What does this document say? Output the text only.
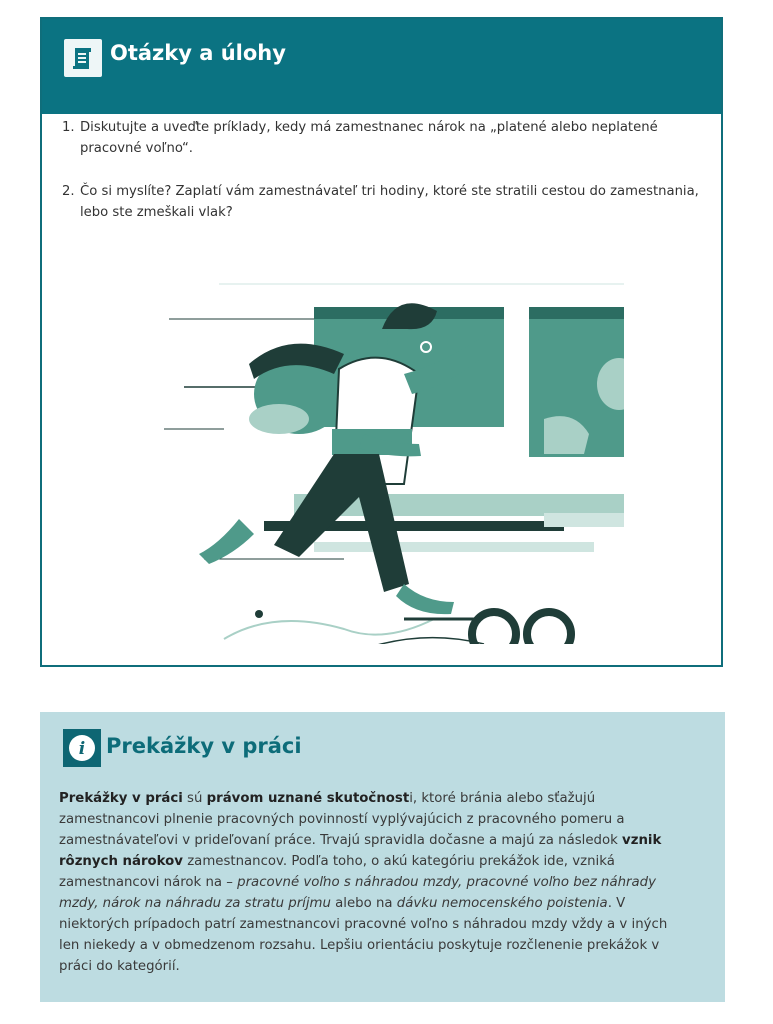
Otázky a úlohy
1. Diskutujte a uveďte príklady, kedy má zamestnanec nárok na „platené alebo neplatené pracovné voľno“.
2. Čo si myslíte? Zaplatí vám zamestnávateľ tri hodiny, ktoré ste stratili cestou do zamestnania, lebo ste zmeškali vlak?
i Prekážky v práci

Prekážky v práci sú právom uznané skutočnosti, ktoré bránia alebo sťažujú zamestnancovi plnenie pracovných povinností vyplývajúcich z pracovného pomeru a zamestnávateľovi v prideľovaní práce. Trvajú spravidla dočasne a majú za následok vznik rôznych nárokov zamestnancov. Podľa toho, o akú kategóriu prekážok ide, vzniká zamestnancovi nárok na – pracovné voľno s náhradou mzdy, pracovné voľno bez náhrady mzdy, nárok na náhradu za stratu príjmu alebo na dávku nemocenského poistenia. V niektorých prípadoch patrí zamestnancovi pracovné voľno s náhradou mzdy vždy a v iných len niekedy a v obmedzenom rozsahu. Lepšiu orientáciu poskytuje rozčlenenie prekážok v práci do kategórií.
